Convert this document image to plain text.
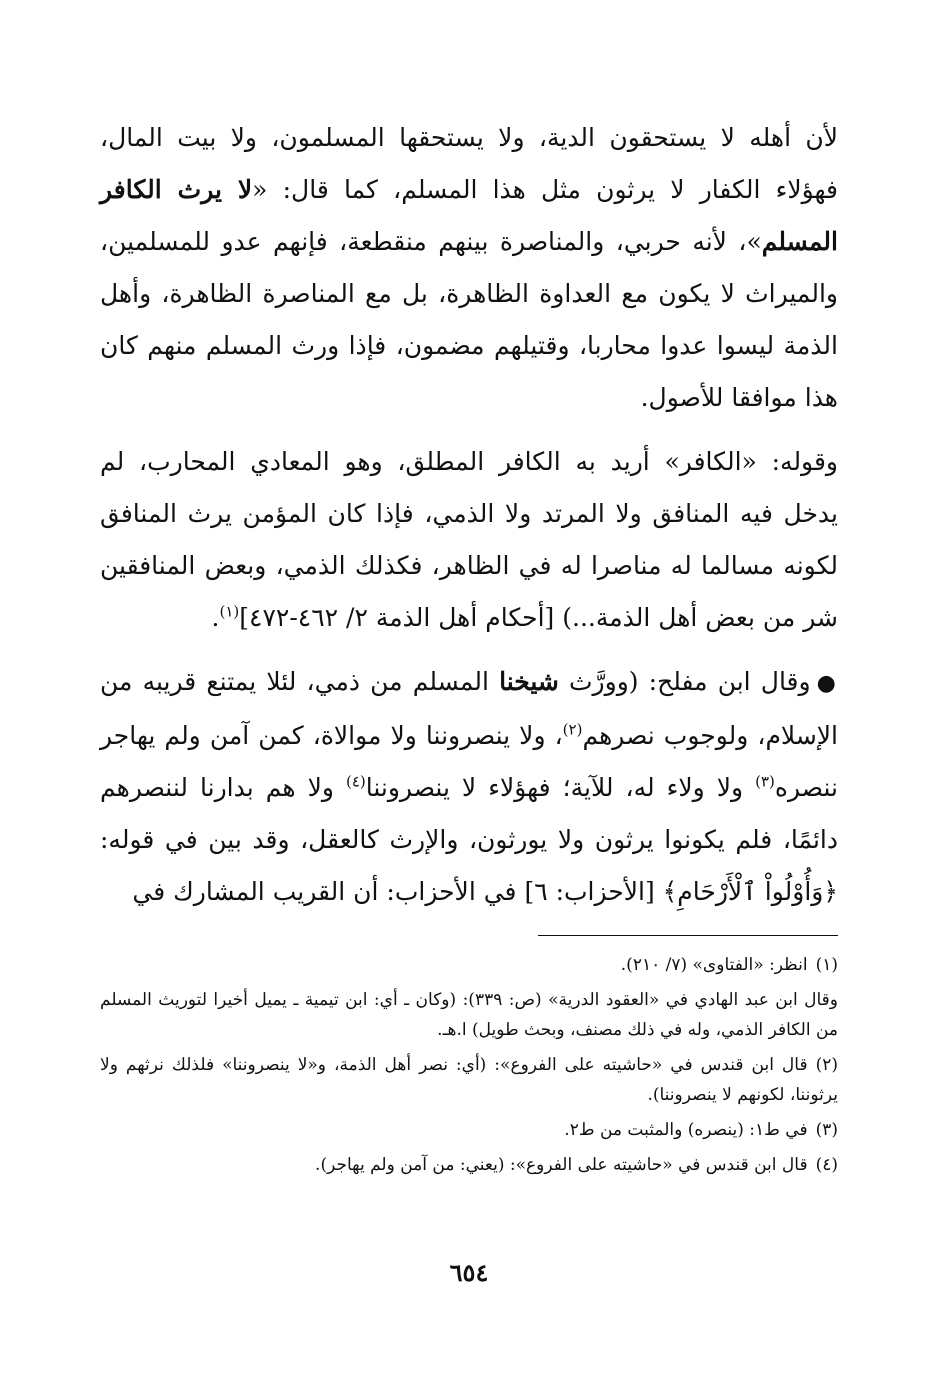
لأن أهله لا يستحقون الدية، ولا يستحقها المسلمون، ولا بيت المال، فهؤلاء الكفار لا يرثون مثل هذا المسلم، كما قال: «لا يرث الكافر المسلم»، لأنه حربي، والمناصرة بينهم منقطعة، فإنهم عدو للمسلمين، والميراث لا يكون مع العداوة الظاهرة، بل مع المناصرة الظاهرة، وأهل الذمة ليسوا عدوا محاربا، وقتيلهم مضمون، فإذا ورث المسلم منهم كان هذا موافقا للأصول.

وقوله: «الكافر» أريد به الكافر المطلق، وهو المعادي المحارب، لم يدخل فيه المنافق ولا المرتد ولا الذمي، فإذا كان المؤمن يرث المنافق لكونه مسالما له مناصرا له في الظاهر، فكذلك الذمي، وبعض المنافقين شر من بعض أهل الذمة...) [أحكام أهل الذمة ٢/ ٤٦٢-٤٧٢]$^{(١)}$.

●وقال ابن مفلح: (وورَّث شيخنا المسلم من ذمي، لئلا يمتنع قريبه من الإسلام، ولوجوب نصرهم$^{(٢)}$، ولا ينصروننا ولا موالاة، كمن آمن ولم يهاجر ننصره$^{(٣)}$ ولا ولاء له، للآية؛ فهؤلاء لا ينصروننا$^{(٤)}$ ولا هم بدارنا لننصرهم دائمًا، فلم يكونوا يرثون ولا يورثون، والإرث كالعقل، وقد بين في قوله: ﴿وَأُوْلُواْ ٱلْأَرْحَامِ﴾ [الأحزاب: ٦] في الأحزاب: أن القريب المشارك في

(١)انظر: «الفتاوى» (٧/ ٢١٠).

وقال ابن عبد الهادي في «العقود الدرية» (ص: ٣٣٩): (وكان ـ أي: ابن تيمية ـ يميل أخيرا لتوريث المسلم من الكافر الذمي، وله في ذلك مصنف، وبحث طويل) ا.هـ.

(٢)قال ابن قندس في «حاشيته على الفروع»: (أي: نصر أهل الذمة، و«لا ينصروننا» فلذلك نرثهم ولا يرثوننا، لكونهم لا ينصروننا).

(٣)في ط١: (ينصره) والمثبت من ط٢.

(٤)قال ابن قندس في «حاشيته على الفروع»: (يعني: من آمن ولم يهاجر).

٦٥٤
